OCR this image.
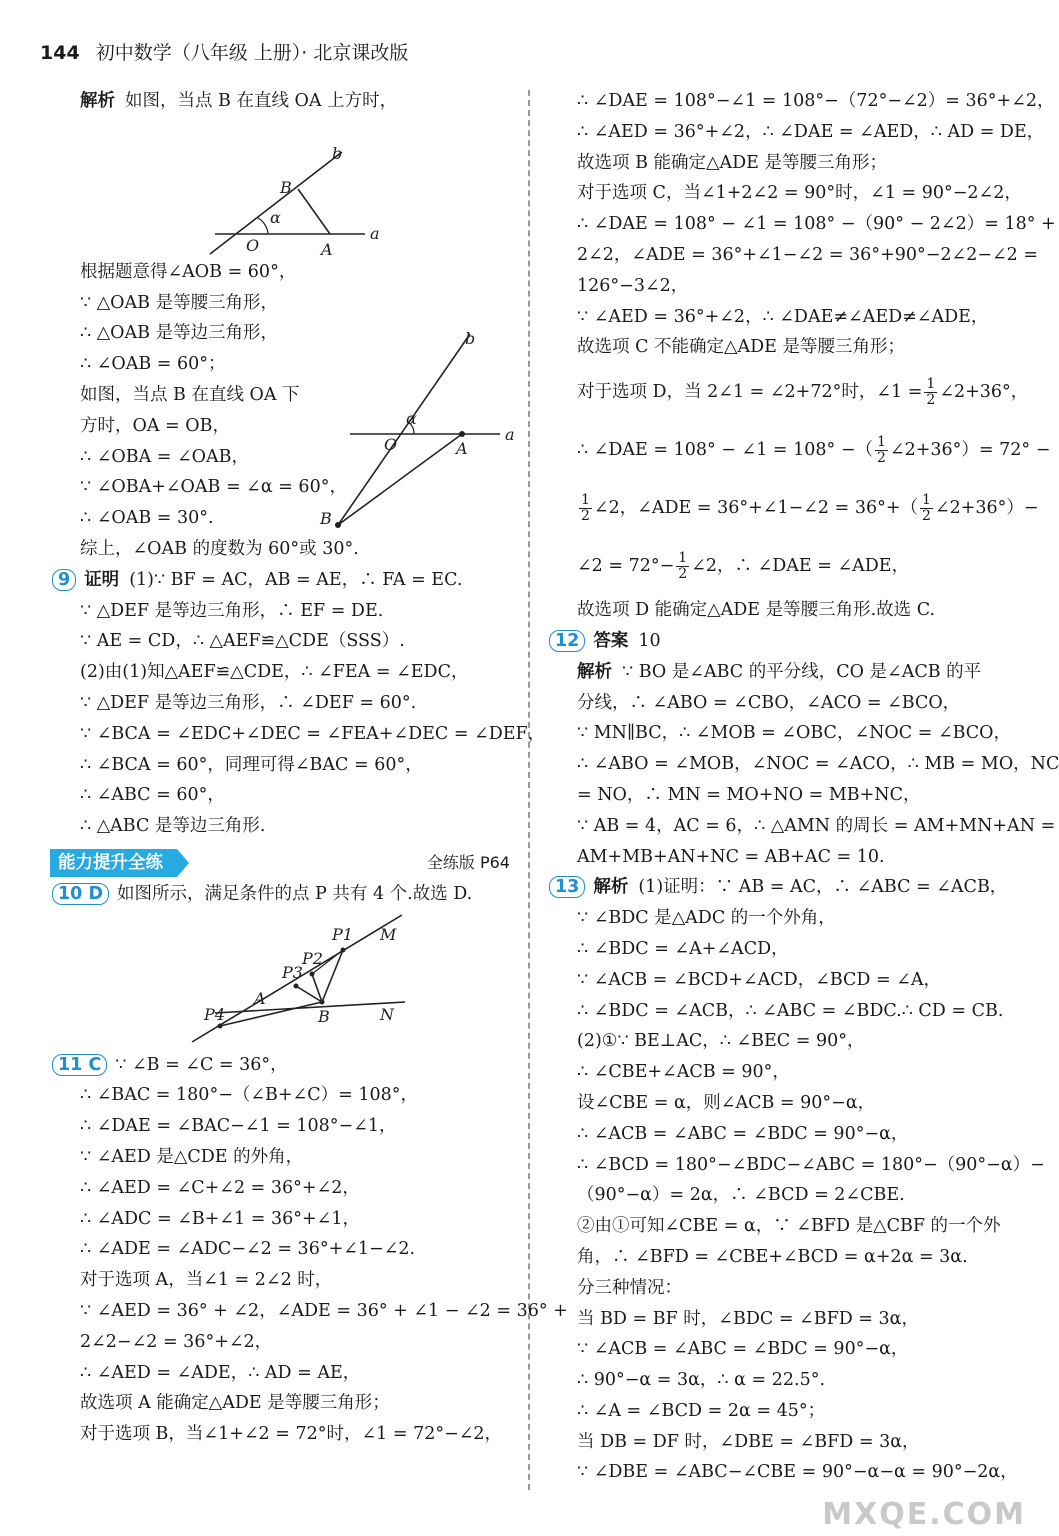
144 初中数学（八年级 上册）· 北京课改版
解析 如图，当点 B 在直线 OA 上方时，
b
B
α
O	A
a
根据题意得∠AOB = 60°，
∵ △OAB 是等腰三角形，
∴ △OAB 是等边三角形，
∴ ∠OAB = 60°；
如图，当点 B 在直线 OA 下
方时，OA = OB，
∴ ∠OBA = ∠OAB，
∵ ∠OBA+∠OAB = ∠α = 60°，
∴ ∠OAB = 30°.
b
α
O	A
a
B
综上，∠OAB 的度数为 60°或 30°.
9 证明 (1)∵ BF = AC，AB = AE，∴ FA = EC.
∵ △DEF 是等边三角形，∴ EF = DE.
∵ AE = CD，∴ △AEF≌△CDE（SSS）.
(2)由(1)知△AEF≌△CDE，∴ ∠FEA = ∠EDC，
∵ △DEF 是等边三角形，∴ ∠DEF = 60°.
∵ ∠BCA = ∠EDC+∠DEC = ∠FEA+∠DEC = ∠DEF，
∴ ∠BCA = 60°，同理可得∠BAC = 60°，
∴ ∠ABC = 60°，
∴ △ABC 是等边三角形.
能力提升全练	全练版 P64
10 D 如图所示，满足条件的点 P 共有 4 个.故选 D.
P1
P2
P3
P4
M
A
B	N
11 C ∵ ∠B = ∠C = 36°，
∴ ∠BAC = 180°−（∠B+∠C）= 108°，
∴ ∠DAE = ∠BAC−∠1 = 108°−∠1，
∵ ∠AED 是△CDE 的外角，
∴ ∠AED = ∠C+∠2 = 36°+∠2，
∴ ∠ADC = ∠B+∠1 = 36°+∠1，
∴ ∠ADE = ∠ADC−∠2 = 36°+∠1−∠2.
对于选项 A，当∠1 = 2∠2 时，
∵ ∠AED = 36° + ∠2，∠ADE = 36° + ∠1 − ∠2 = 36° +
2∠2−∠2 = 36°+∠2，
∴ ∠AED = ∠ADE，∴ AD = AE，
故选项 A 能确定△ADE 是等腰三角形；
对于选项 B，当∠1+∠2 = 72°时，∠1 = 72°−∠2，
∴ ∠DAE = 108°−∠1 = 108°−（72°−∠2）= 36°+∠2，
∴ ∠AED = 36°+∠2，∴ ∠DAE = ∠AED，∴ AD = DE，
故选项 B 能确定△ADE 是等腰三角形；
对于选项 C，当∠1+2∠2 = 90°时，∠1 = 90°−2∠2，
∴ ∠DAE = 108° − ∠1 = 108° −（90° − 2∠2）= 18° +
2∠2，∠ADE = 36°+∠1−∠2 = 36°+90°−2∠2−∠2 =
126°−3∠2，
∵ ∠AED = 36°+∠2，∴ ∠DAE≠∠AED≠∠ADE，
故选项 C 不能确定△ADE 是等腰三角形；
对于选项 D，当 2∠1 = ∠2+72°时，∠1 = $\frac{1}{2}$ ∠2+36°，
∴ ∠DAE = 108° − ∠1 = 108° −（ $\frac{1}{2}$ ∠2+36°）= 72° −
$\frac{1}{2}$ ∠2，∠ADE = 36°+∠1−∠2 = $36^\circ+( \frac{1}{2}$ ∠2+36°）−
∠2 = $72^\circ- \frac{1}{2}$ ∠2，∴ ∠DAE = ∠ADE，
故选项 D 能确定△ADE 是等腰三角形.故选 C.
12 答案 10
解析 ∵ BO 是∠ABC 的平分线，CO 是∠ACB 的平
分线，∴ ∠ABO = ∠CBO，∠ACO = ∠BCO，
∵ MN∥BC，∴ ∠MOB = ∠OBC，∠NOC = ∠BCO，
∴ ∠ABO = ∠MOB，∠NOC = ∠ACO，∴ MB = MO，NC
= NO，∴ MN = MO+NO = MB+NC，
∵ AB = 4，AC = 6，∴ △AMN 的周长 = AM+MN+AN =
AM+MB+AN+NC = AB+AC = 10.
13 解析 (1)证明：∵ AB = AC，∴ ∠ABC = ∠ACB，
∵ ∠BDC 是△ADC 的一个外角，
∴ ∠BDC = ∠A+∠ACD，
∵ ∠ACB = ∠BCD+∠ACD，∠BCD = ∠A，
∴ ∠BDC = ∠ACB，∴ ∠ABC = ∠BDC.∴ CD = CB.
(2)①∵ BE⊥AC，∴ ∠BEC = 90°，
∴ ∠CBE+∠ACB = 90°，
设∠CBE = α，则∠ACB = 90°−α，
∴ ∠ACB = ∠ABC = ∠BDC = 90°−α，
∴ ∠BCD = 180°−∠BDC−∠ABC = 180°−（90°−α）−
（90°−α）= 2α，∴ ∠BCD = 2∠CBE.
②由①可知∠CBE = α，∵ ∠BFD 是△CBF 的一个外
角，∴ ∠BFD = ∠CBE+∠BCD = α+2α = 3α.
分三种情况：
当 BD = BF 时，∠BDC = ∠BFD = 3α，
∵ ∠ACB = ∠ABC = ∠BDC = 90°−α，
∴ 90°−α = 3α，∴ α = 22.5°.
∴ ∠A = ∠BCD = 2α = 45°；
当 DB = DF 时，∠DBE = ∠BFD = 3α，
∵ ∠DBE = ∠ABC−∠CBE = 90°−α−α = 90°−2α，
MXQE.COM
